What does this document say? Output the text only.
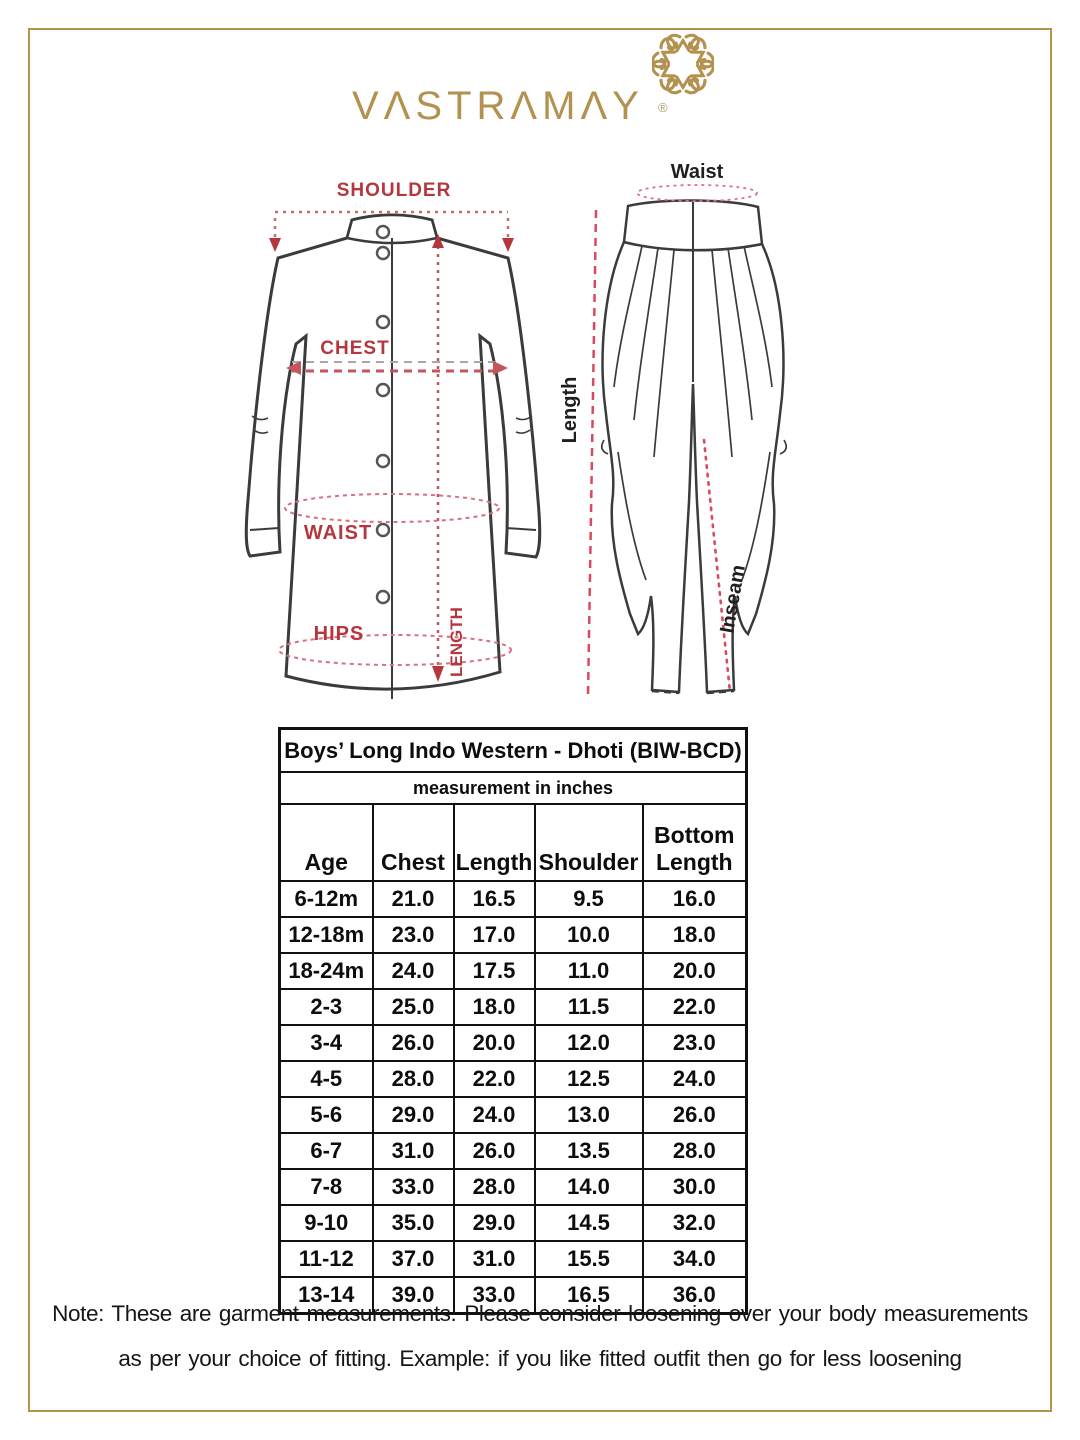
VΛSTRΛMΛY	®
SHOULDER
CHEST
WAIST
HIPS	LENGTH
Waist
Length
Inseam
Boys’ Long Indo Western - Dhoti (BIW-BCD)				
measurement in inches				
Age	Chest	Length	Shoulder	Bottom Length
6-12m	21.0	16.5	9.5	16.0
12-18m	23.0	17.0	10.0	18.0
18-24m	24.0	17.5	11.0	20.0
2-3	25.0	18.0	11.5	22.0
3-4	26.0	20.0	12.0	23.0
4-5	28.0	22.0	12.5	24.0
5-6	29.0	24.0	13.0	26.0
6-7	31.0	26.0	13.5	28.0
7-8	33.0	28.0	14.0	30.0
9-10	35.0	29.0	14.5	32.0
11-12	37.0	31.0	15.5	34.0
13-14	39.0	33.0	16.5	36.0
Note: These are garment measurements. Please consider loosening over your body measurements
as per your choice of fitting. Example: if you like fitted outfit then go for less loosening
